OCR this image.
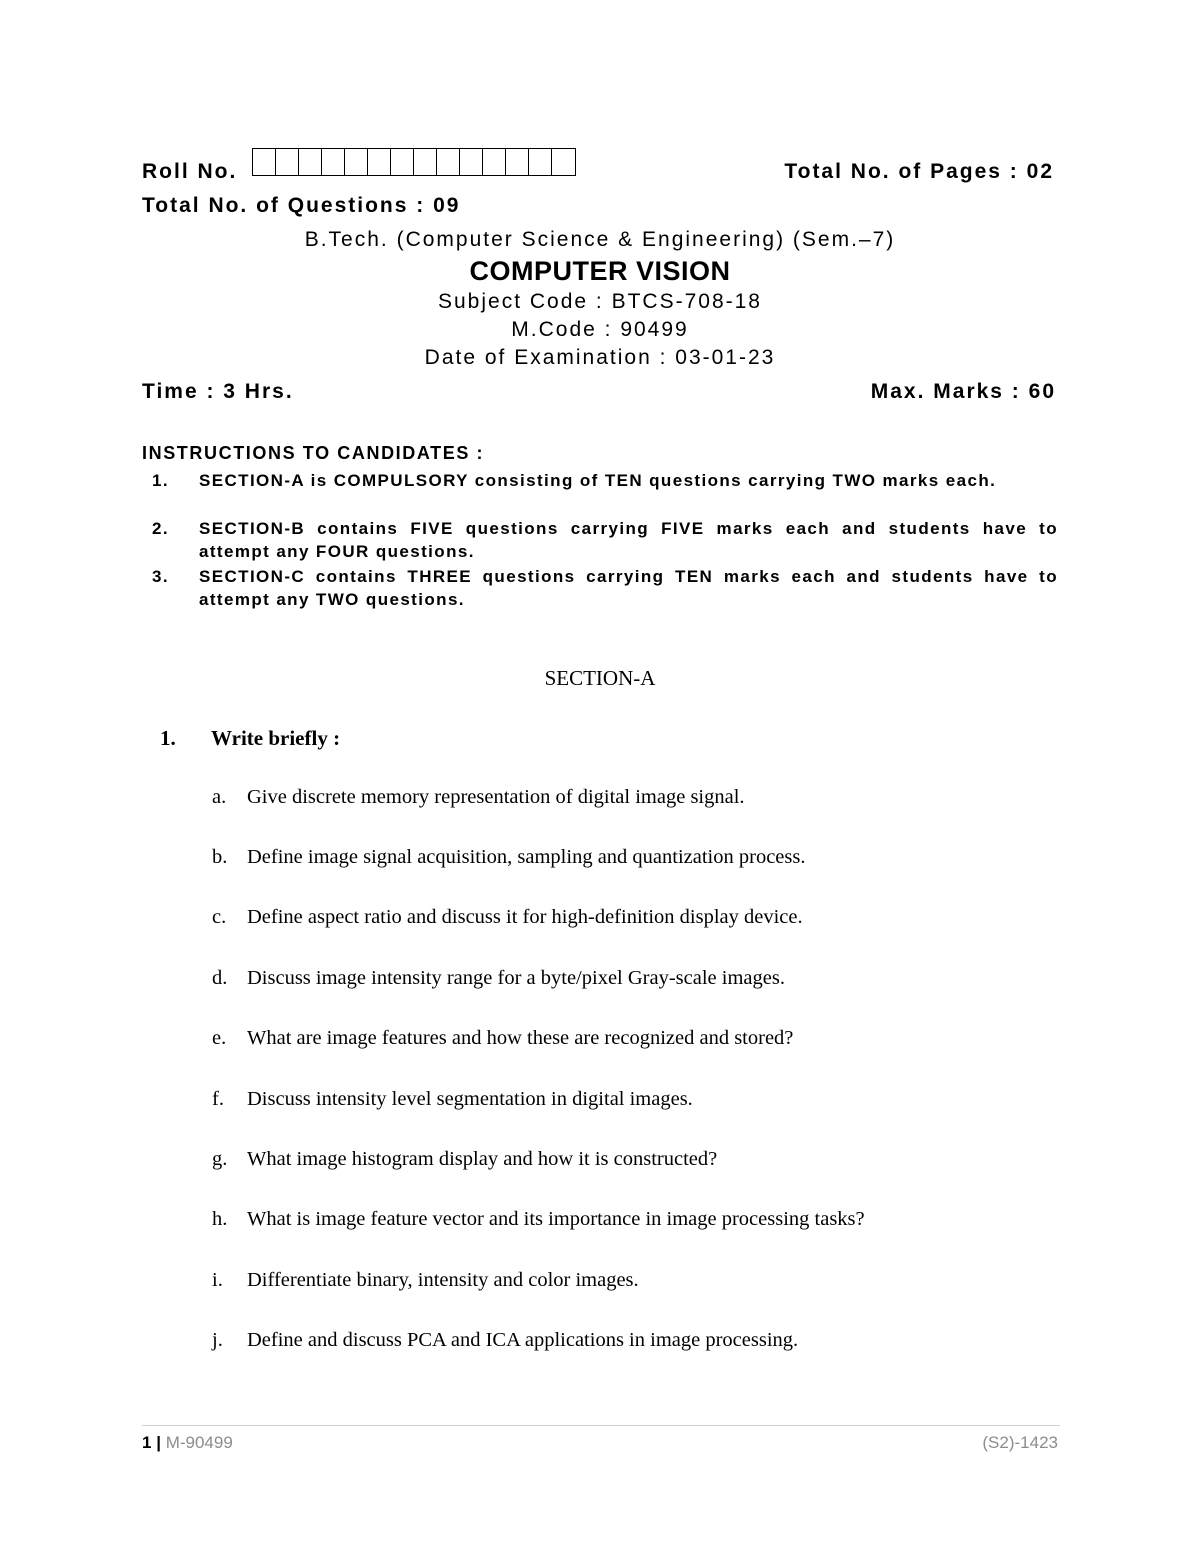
Roll No.	Total No. of Pages : 02
Total No. of Questions : 09
B.Tech. (Computer Science & Engineering) (Sem.–7)
COMPUTER VISION
Subject Code : BTCS-708-18
M.Code : 90499
Date of Examination : 03-01-23
Time : 3 Hrs.	Max. Marks : 60
INSTRUCTIONS TO CANDIDATES :
1. SECTION-A is COMPULSORY consisting of TEN questions carrying TWO marks each.
2. SECTION-B contains FIVE questions carrying FIVE marks each and students have to attempt any FOUR questions.
3. SECTION-C contains THREE questions carrying TEN marks each and students have to attempt any TWO questions.
SECTION-A
1. Write briefly :
a. Give discrete memory representation of digital image signal.
b. Define image signal acquisition, sampling and quantization process.
c. Define aspect ratio and discuss it for high-definition display device.
d. Discuss image intensity range for a byte/pixel Gray-scale images.
e. What are image features and how these are recognized and stored?
f. Discuss intensity level segmentation in digital images.
g. What image histogram display and how it is constructed?
h. What is image feature vector and its importance in image processing tasks?
i. Differentiate binary, intensity and color images.
j. Define and discuss PCA and ICA applications in image processing.
1 | M-90499	(S2)-1423
